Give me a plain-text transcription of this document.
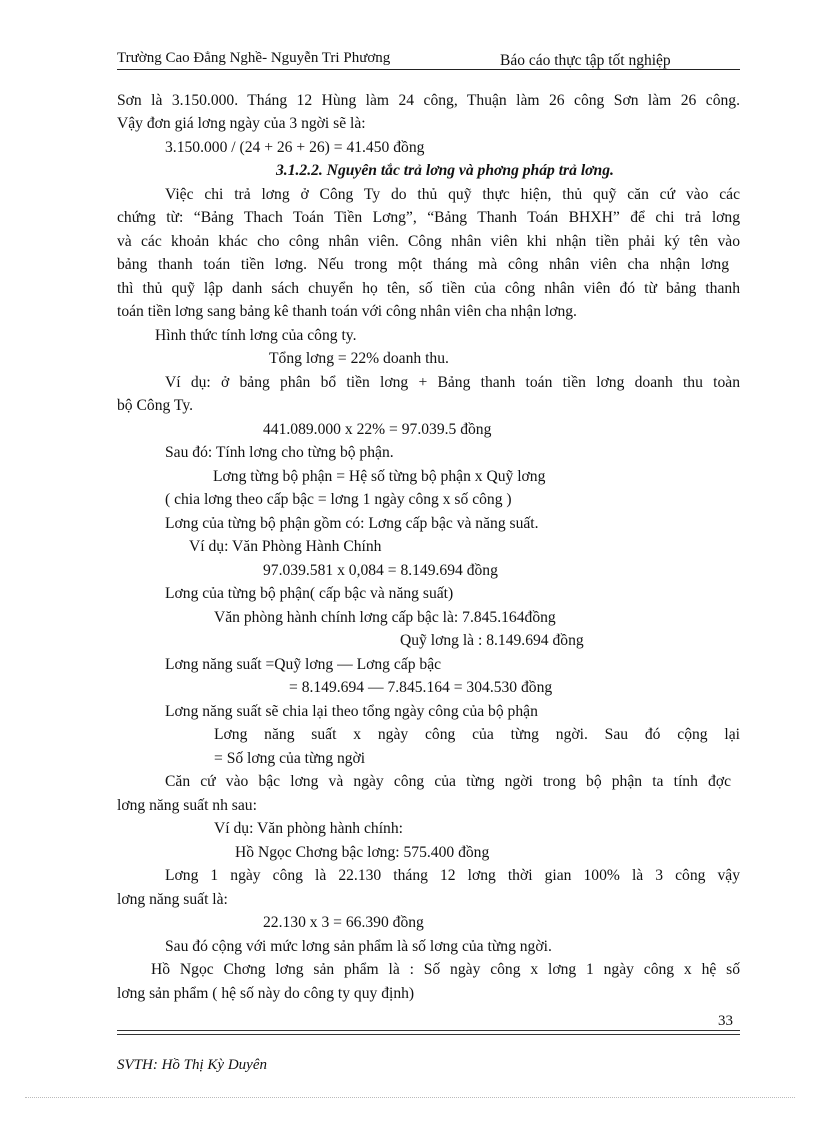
Trường Cao Đẳng Nghề- Nguyễn Tri Phương	Báo cáo thực tập tốt nghiệp
Sơn là 3.150.000. Tháng 12 Hùng làm 24 công, Thuận làm 26 công Sơn làm 26 công.
Vậy đơn giá lơng ngày của 3 ngời sẽ là:
3.150.000 / (24 + 26 + 26) = 41.450 đồng
3.1.2.2. Nguyên tắc trả lơng và phơng pháp trả lơng.
Việc chi trả lơng ở Công Ty do thủ quỹ thực hiện, thủ quỹ căn cứ vào các
chứng từ: “Bảng Thach Toán Tiền Lơng”, “Bảng Thanh Toán BHXH” để chi trả lơng
và các khoản khác cho công nhân viên. Công nhân viên khi nhận tiền phải ký tên vào
bảng thanh toán tiền lơng. Nếu trong một tháng mà công nhân viên cha nhận lơng
thì thủ quỹ lập danh sách chuyển họ tên, số tiền của công nhân viên đó từ bảng thanh
toán tiền lơng sang bảng kê thanh toán với công nhân viên cha nhận lơng.
Hình thức tính lơng của công ty.
Tổng lơng = 22% doanh thu.
Ví dụ: ở bảng phân bổ tiền lơng + Bảng thanh toán tiền lơng doanh thu toàn
bộ Công Ty.
441.089.000 x 22% = 97.039.5 đồng
Sau đó: Tính lơng cho từng bộ phận.
Lơng từng bộ phận = Hệ số từng bộ phận x Quỹ lơng
( chia lơng theo cấp bậc = lơng 1 ngày công x số công )
Lơng của từng bộ phận gồm có: Lơng cấp bậc và năng suất.
Ví dụ: Văn Phòng Hành Chính
97.039.581 x 0,084 = 8.149.694 đồng
Lơng của từng bộ phận( cấp bậc và năng suất)
Văn phòng hành chính lơng cấp bậc là: 7.845.164đồng
Quỹ lơng là : 8.149.694 đồng
Lơng năng suất =Quỹ lơng — Lơng cấp bậc
= 8.149.694 — 7.845.164 = 304.530 đồng
Lơng năng suất sẽ chia lại theo tổng ngày công của bộ phận
Lơng năng suất x ngày công của từng ngời. Sau đó cộng lại
= Số lơng của từng ngời
Căn cứ vào bậc lơng và ngày công của từng ngời trong bộ phận ta tính đợc
lơng năng suất nh sau:
Ví dụ: Văn phòng hành chính:
Hồ Ngọc Chơng bậc lơng: 575.400 đồng
Lơng 1 ngày công là 22.130 tháng 12 lơng thời gian 100% là 3 công vậy
lơng năng suất là:
22.130 x 3 = 66.390 đồng
Sau đó cộng với mức lơng sản phẩm là số lơng của từng ngời.
Hồ Ngọc Chơng lơng sản phẩm là : Số ngày công x lơng 1 ngày công x hệ số
lơng sản phẩm ( hệ số này do công ty quy định)
33
SVTH: Hồ Thị Kỳ Duyên
